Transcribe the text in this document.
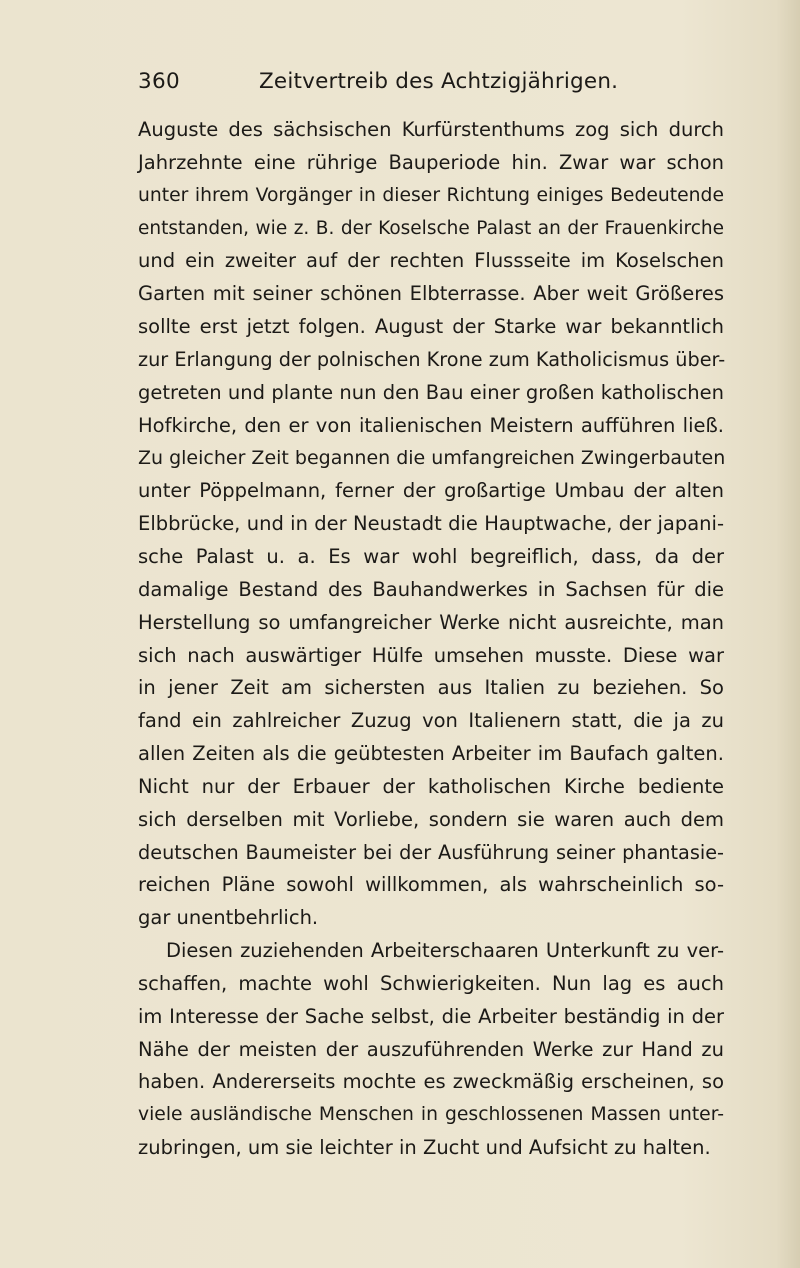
360	Zeitvertreib des Achtzigjährigen.
Auguste des sächsischen Kurfürstenthums zog sich durch
Jahrzehnte eine rührige Bauperiode hin. Zwar war schon
unter ihrem Vorgänger in dieser Richtung einiges Bedeutende
entstanden, wie z. B. der Koselsche Palast an der Frauenkirche
und ein zweiter auf der rechten Flussseite im Koselschen
Garten mit seiner schönen Elbterrasse. Aber weit Größeres
sollte erst jetzt folgen. August der Starke war bekanntlich
zur Erlangung der polnischen Krone zum Katholicismus über-
getreten und plante nun den Bau einer großen katholischen
Hofkirche, den er von italienischen Meistern aufführen ließ.
Zu gleicher Zeit begannen die umfangreichen Zwingerbauten
unter Pöppelmann, ferner der großartige Umbau der alten
Elbbrücke, und in der Neustadt die Hauptwache, der japani-
sche Palast u. a. Es war wohl begreiflich, dass, da der
damalige Bestand des Bauhandwerkes in Sachsen für die
Herstellung so umfangreicher Werke nicht ausreichte, man
sich nach auswärtiger Hülfe umsehen musste. Diese war
in jener Zeit am sichersten aus Italien zu beziehen. So
fand ein zahlreicher Zuzug von Italienern statt, die ja zu
allen Zeiten als die geübtesten Arbeiter im Baufach galten.
Nicht nur der Erbauer der katholischen Kirche bediente
sich derselben mit Vorliebe, sondern sie waren auch dem
deutschen Baumeister bei der Ausführung seiner phantasie-
reichen Pläne sowohl willkommen, als wahrscheinlich so-
gar unentbehrlich.
Diesen zuziehenden Arbeiterschaaren Unterkunft zu ver-
schaffen, machte wohl Schwierigkeiten. Nun lag es auch
im Interesse der Sache selbst, die Arbeiter beständig in der
Nähe der meisten der auszuführenden Werke zur Hand zu
haben. Andererseits mochte es zweckmäßig erscheinen, so
viele ausländische Menschen in geschlossenen Massen unter-
zubringen, um sie leichter in Zucht und Aufsicht zu halten.
